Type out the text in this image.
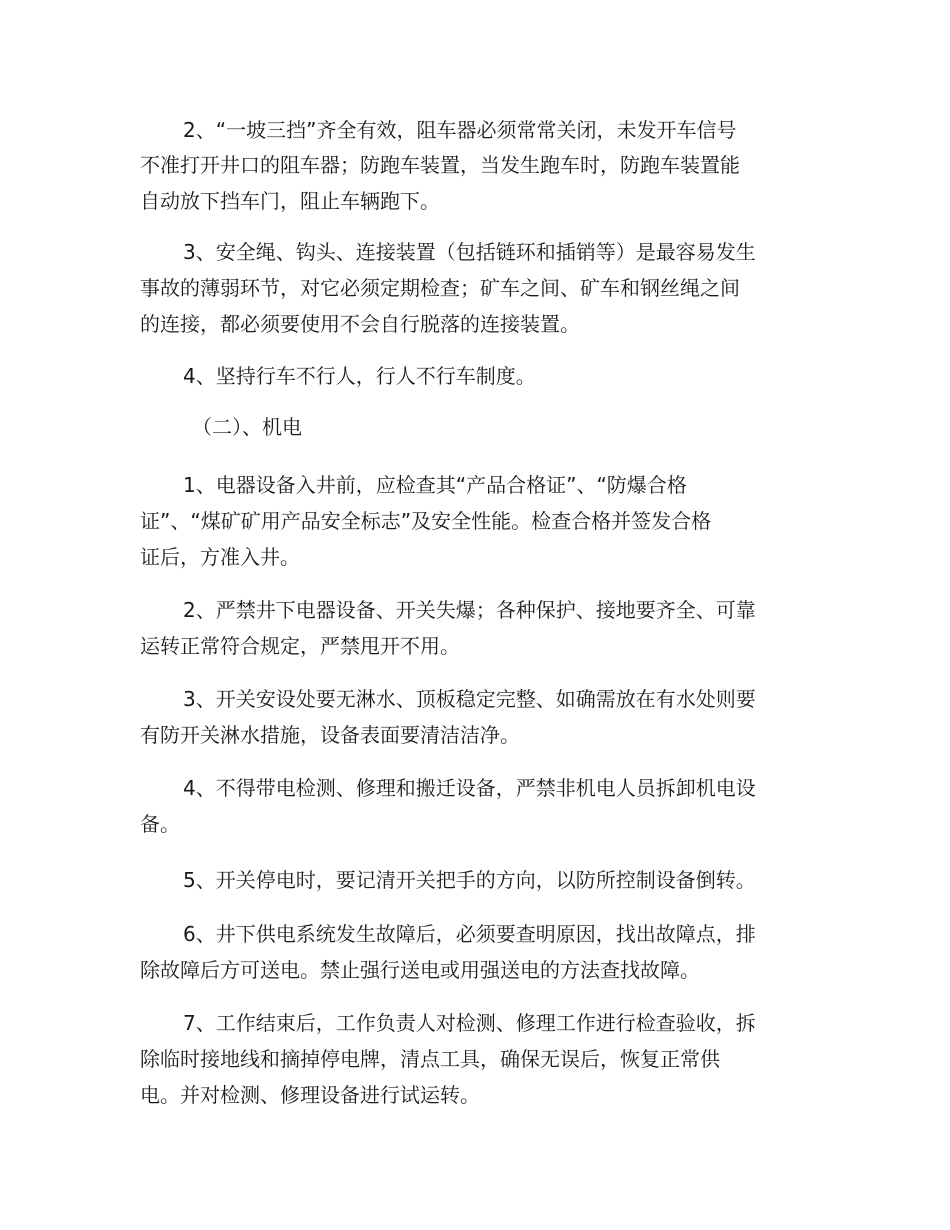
2、“一坡三挡”齐全有效，阻车器必须常常关闭，未发开车信号

不准打开井口的阻车器；防跑车装置，当发生跑车时，防跑车装置能

自动放下挡车门，阻止车辆跑下。

3、安全绳、钩头、连接装置（包括链环和插销等）是最容易发生

事故的薄弱环节，对它必须定期检查；矿车之间、矿车和钢丝绳之间

的连接，都必须要使用不会自行脱落的连接装置。

4、坚持行车不行人，行人不行车制度。

（二）、机电

1、电器设备入井前，应检查其“产品合格证”、“防爆合格

证”、“煤矿矿用产品安全标志”及安全性能。检查合格并签发合格

证后，方准入井。

2、严禁井下电器设备、开关失爆；各种保护、接地要齐全、可靠

运转正常符合规定，严禁甩开不用。

3、开关安设处要无淋水、顶板稳定完整、如确需放在有水处则要

有防开关淋水措施，设备表面要清洁洁净。

4、不得带电检测、修理和搬迁设备，严禁非机电人员拆卸机电设

备。

5、开关停电时，要记清开关把手的方向，以防所控制设备倒转。

6、井下供电系统发生故障后，必须要查明原因，找出故障点，排

除故障后方可送电。禁止强行送电或用强送电的方法查找故障。

7、工作结束后，工作负责人对检测、修理工作进行检查验收，拆

除临时接地线和摘掉停电牌，清点工具，确保无误后，恢复正常供

电。并对检测、修理设备进行试运转。
